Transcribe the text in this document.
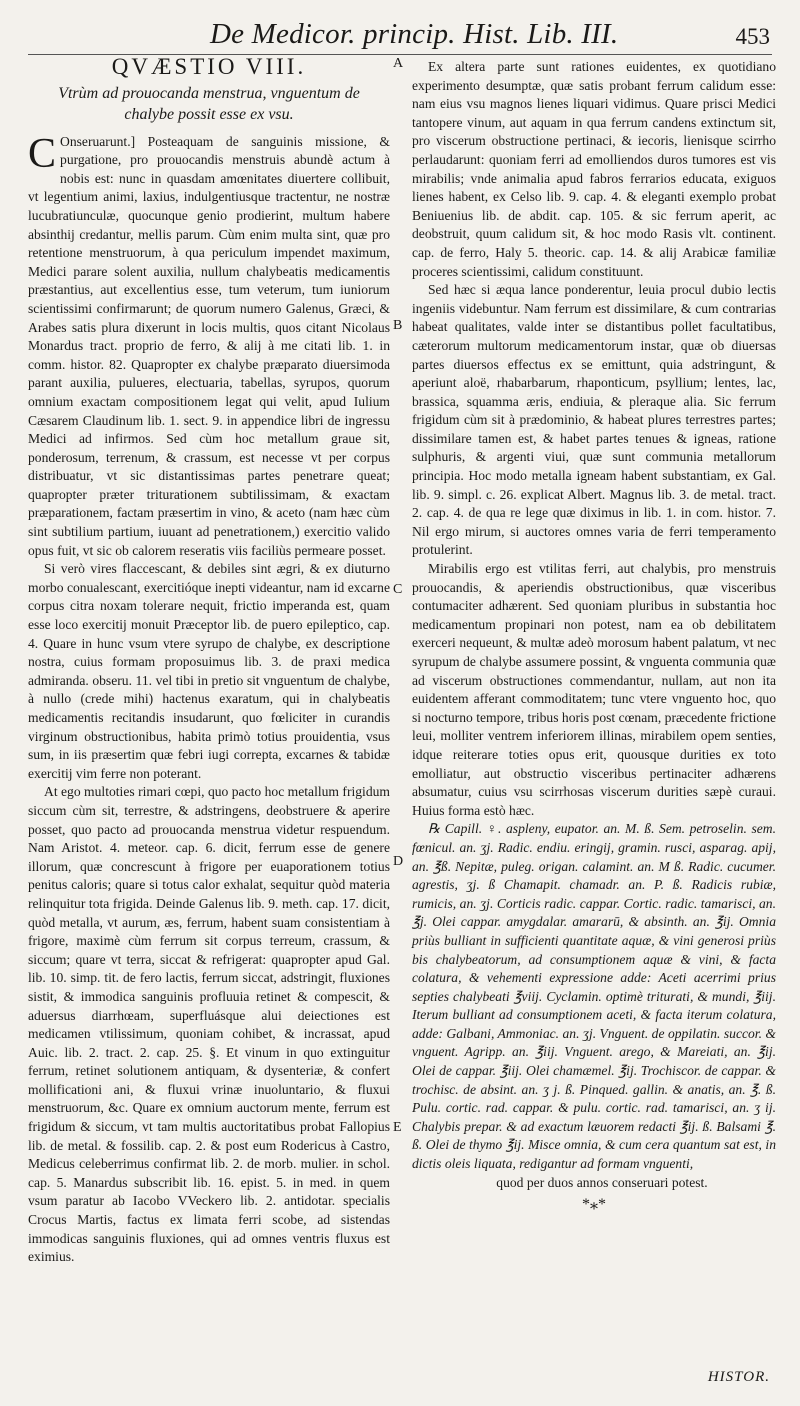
De Medicor. princip. Hist. Lib. III.	453
A
B
C
D
E
QVÆSTIO VIII.
Vtrùm ad prouocanda menstrua, vnguentum de chalybe possit esse ex vsu.

C Onseruarunt.] Posteaquam de sanguinis missione, & purgatione, pro prouocandis menstruis abundè actum à nobis est: nunc in quasdam amœnitates diuertere collibuit, vt legentium animi, laxius, indulgentiusque tractentur, ne nostræ lucubratiunculæ, quocunque genio prodierint, multum habere absinthij credantur, mellis parum. Cùm enim multa sint, quæ pro retentione menstruorum, à qua periculum impendet maximum, Medici parare solent auxilia, nullum chalybeatis medicamentis præstantius, aut excellentius esse, tum veterum, tum iuniorum scientissimi confirmarunt; de quorum numero Galenus, Græci, & Arabes satis plura dixerunt in locis multis, quos citant Nicolaus Monardus tract. proprio de ferro, & alij à me citati lib. 1. in comm. histor. 82. Quapropter ex chalybe præparato diuersimoda parant auxilia, pulueres, electuaria, tabellas, syrupos, quorum omnium exactam compositionem legat qui velit, apud Iulium Cæsarem Claudinum lib. 1. sect. 9. in appendice libri de ingressu Medici ad infirmos. Sed cùm hoc metallum graue sit, ponderosum, terrenum, & crassum, est necesse vt per corpus distribuatur, vt sic distantissimas partes penetrare queat; quapropter præter triturationem subtilissimam, & exactam præparationem, factam præsertim in vino, & aceto (nam hæc cùm sint subtilium partium, iuuant ad penetrationem,) exercitio valido opus fuit, vt sic ob calorem reseratis viis faciliùs permeare posset.

Si verò vires flaccescant, & debiles sint ægri, & ex diuturno morbo conualescant, exercitióque inepti videantur, nam id excarne corpus citra noxam tolerare nequit, frictio imperanda est, quam esse loco exercitij monuit Præceptor lib. de puero epileptico, cap. 4. Quare in hunc vsum vtere syrupo de chalybe, ex descriptione nostra, cuius formam proposuimus lib. 3. de praxi medica admiranda. obseru. 11. vel tibi in pretio sit vnguentum de chalybe, à nullo (crede mihi) hactenus exaratum, qui in chalybeatis medicamentis recitandis insudarunt, quo fœliciter in curandis virginum obstructionibus, habita primò totius prouidentia, vsus sum, in iis præsertim quæ febri iugi correpta, excarnes & tabidæ exercitij vim ferre non poterant.

At ego multoties rimari cœpi, quo pacto hoc metallum frigidum siccum cùm sit, terrestre, & adstringens, deobstruere & aperire posset, quo pacto ad prouocanda menstrua videtur respuendum. Nam Aristot. 4. meteor. cap. 6. dicit, ferrum esse de genere illorum, quæ concrescunt à frigore per euaporationem totius penitus caloris; quare si totus calor exhalat, sequitur quòd materia relinquitur tota frigida. Deinde Galenus lib. 9. meth. cap. 17. dicit, quòd metalla, vt aurum, æs, ferrum, habent suam consistentiam à frigore, maximè cùm ferrum sit corpus terreum, crassum, & siccum; quare vt terra, siccat & refrigerat: quapropter apud Gal. lib. 10. simp. tit. de fero lactis, ferrum siccat, adstringit, fluxiones sistit, & immodica sanguinis profluuia retinet & compescit, & aduersus diarrhœam, superfluásque alui deiectiones est medicamen vtilissimum, quoniam cohibet, & incrassat, apud Auic. lib. 2. tract. 2. cap. 25. §. Et vinum in quo extinguitur ferrum, retinet solutionem antiquam, & dysenteriæ, & confert mollificationi ani, & fluxui vrinæ inuoluntario, & fluxui menstruorum, &c. Quare ex omnium auctorum mente, ferrum est frigidum & siccum, vt tam multis auctoritatibus probat Fallopius lib. de metal. & fossilib. cap. 2. & post eum Rodericus à Castro, Medicus celeberrimus confirmat lib. 2. de morb. mulier. in schol. cap. 5. Manardus subscribit lib. 16. epist. 5. in med. in quem vsum paratur ab Iacobo VVeckero lib. 2. antidotar. specialis Crocus Martis, factus ex limata ferri scobe, ad sistendas immodicas sanguinis fluxiones, qui ad omnes ventris fluxus est eximius.

Ex altera parte sunt rationes euidentes, ex quotidiano experimento desumptæ, quæ satis probant ferrum calidum esse: nam eius vsu magnos lienes liquari vidimus. Quare prisci Medici tantopere vinum, aut aquam in qua ferrum candens extinctum sit, pro viscerum obstructione pertinaci, & iecoris, lienisque scirrho perlaudarunt: quoniam ferri ad emolliendos duros tumores est vis mirabilis; vnde animalia apud fabros ferrarios educata, exiguos lienes habent, ex Celso lib. 9. cap. 4. & eleganti exemplo probat Beniuenius lib. de abdit. cap. 105. & sic ferrum aperit, ac deobstruit, quum calidum sit, & hoc modo Rasis vlt. continent. cap. de ferro, Haly 5. theoric. cap. 14. & alij Arabicæ familiæ proceres scientissimi, calidum constituunt.

Sed hæc si æqua lance ponderentur, leuia procul dubio lectis ingeniis videbuntur. Nam ferrum est dissimilare, & cum contrarias habeat qualitates, valde inter se distantibus pollet facultatibus, cæterorum multorum medicamentorum instar, quæ ob diuersas partes diuersos effectus ex se emittunt, quia adstringunt, & aperiunt aloë, rhabarbarum, rhaponticum, psyllium; lentes, lac, brassica, squamma æris, endiuia, & pleraque alia. Sic ferrum frigidum cùm sit à prædominio, & habeat plures terrestres partes; dissimilare tamen est, & habet partes tenues & igneas, ratione sulphuris, & argenti viui, quæ sunt communia metallorum principia. Hoc modo metalla igneam habent substantiam, ex Gal. lib. 9. simpl. c. 26. explicat Albert. Magnus lib. 3. de metal. tract. 2. cap. 4. de qua re lege quæ diximus in lib. 1. in com. histor. 7. Nil ergo mirum, si auctores omnes varia de ferri temperamento protulerint.

Mirabilis ergo est vtilitas ferri, aut chalybis, pro menstruis prouocandis, & aperiendis obstructionibus, quæ visceribus contumaciter adhærent. Sed quoniam pluribus in substantia hoc medicamentum propinari non potest, nam ea ob debilitatem exerceri nequeunt, & multæ adeò morosum habent palatum, vt nec syrupum de chalybe assumere possint, & vnguenta communia quæ ad viscerum obstructiones commendantur, nullam, aut non ita euidentem afferant commoditatem; tunc vtere vnguento hoc, quo si nocturno tempore, tribus horis post cœnam, præcedente frictione leui, molliter ventrem inferiorem illinas, mirabilem opem senties, idque reiterare toties opus erit, quousque durities ex toto emolliatur, aut obstructio visceribus pertinaciter adhærens absumatur, cuius vsu scirrhosas viscerum durities sæpè curaui. Huius forma estò hæc.

℞ Capill. ♀. aspleny, eupator. an. M. ß. Sem. petroselin. sem. fœnicul. an. ʒj. Radic. endiu. eringij, gramin. rusci, asparag. apij, an. ℥ß. Nepitæ, puleg. origan. calamint. an. M ß. Radic. cucumer. agrestis, ʒj. ß Chamapit. chamadr. an. P. ß. Radicis rubiæ, rumicis, an. ʒj. Corticis radic. cappar. Cortic. radic. tamarisci, an. ℥j. Olei cappar. amygdalar. amararū, & absinth. an. ℥ij. Omnia priùs bulliant in sufficienti quantitate aquæ, & vini generosi priùs bis chalybeatorum, ad consumptionem aquæ & vini, & facta colatura, & vehementi expressione adde: Aceti acerrimi prius septies chalybeati ℥viij. Cyclamin. optimè triturati, & mundi, ℥iij. Iterum bulliant ad consumptionem aceti, & facta iterum colatura, adde: Galbani, Ammoniac. an. ʒj. Vnguent. de oppilatin. succor. & vnguent. Agripp. an. ℥iij. Vnguent. arego, & Mareiati, an. ℥ij. Olei de cappar. ℥iij. Olei chamæmel. ℥ij. Trochiscor. de cappar. & trochisc. de absint. an. ʒ j. ß. Pinqued. gallin. & anatis, an. ℥. ß. Pulu. cortic. rad. cappar. & pulu. cortic. rad. tamarisci, an. ʒ ij. Chalybis prepar. & ad exactum læuorem redacti ℥ij. ß. Balsami ℥. ß. Olei de thymo ℥ij. Misce omnia, & cum cera quantum sat est, in dictis oleis liquata, redigantur ad formam vnguenti,

quod per duos annos conseruari potest.

*⁎*
HISTOR.
